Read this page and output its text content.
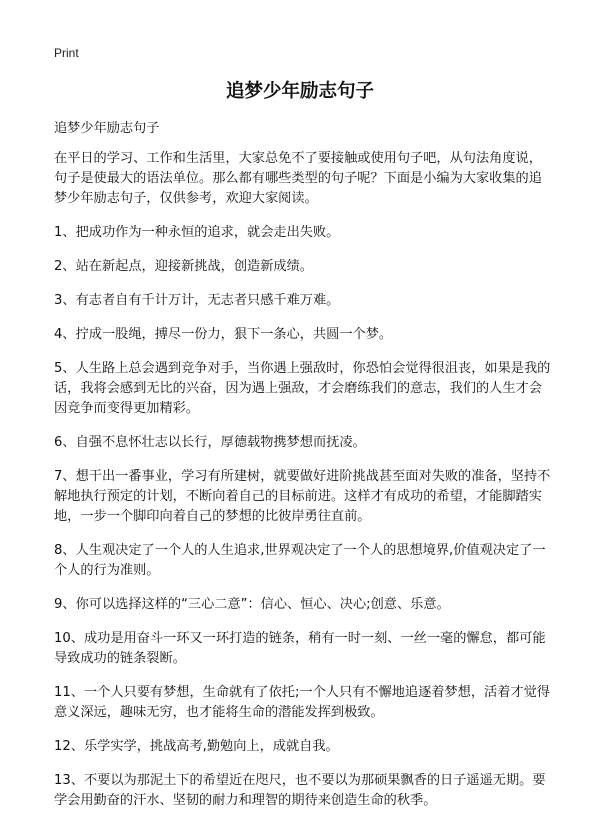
Print
追梦少年励志句子

追梦少年励志句子

在平日的学习、工作和生活里，大家总免不了要接触或使用句子吧，从句法角度说，句子是使最大的语法单位。那么都有哪些类型的句子呢？下面是小编为大家收集的追梦少年励志句子，仅供参考，欢迎大家阅读。

1、把成功作为一种永恒的追求，就会走出失败。
2、站在新起点，迎接新挑战，创造新成绩。
3、有志者自有千计万计，无志者只感千难万难。
4、拧成一股绳，搏尽一份力，狠下一条心，共圆一个梦。
5、人生路上总会遇到竞争对手，当你遇上强敌时，你恐怕会觉得很沮丧，如果是我的话，我将会感到无比的兴奋，因为遇上强敌，才会磨练我们的意志，我们的人生才会因竞争而变得更加精彩。
6、自强不息怀壮志以长行，厚德载物携梦想而抚凌。
7、想干出一番事业，学习有所建树，就要做好进阶挑战甚至面对失败的准备，坚持不解地执行预定的计划，不断向着自己的目标前进。这样才有成功的希望，才能脚踏实地，一步一个脚印向着自己的梦想的比彼岸勇往直前。
8、人生观决定了一个人的人生追求,世界观决定了一个人的思想境界,价值观决定了一个人的行为准则。
9、你可以选择这样的“三心二意”：信心、恒心、决心;创意、乐意。
10、成功是用奋斗一环又一环打造的链条，稍有一时一刻、一丝一毫的懈怠，都可能导致成功的链条裂断。
11、一个人只要有梦想，生命就有了依托;一个人只有不懈地追逐着梦想，活着才觉得意义深远，趣味无穷，也才能将生命的潜能发挥到极致。
12、乐学实学，挑战高考,勤勉向上，成就自我。
13、不要以为那泥土下的希望近在咫尺，也不要以为那硕果飘香的日子遥遥无期。要学会用勤奋的汗水、坚韧的耐力和理智的期待来创造生命的秋季。
